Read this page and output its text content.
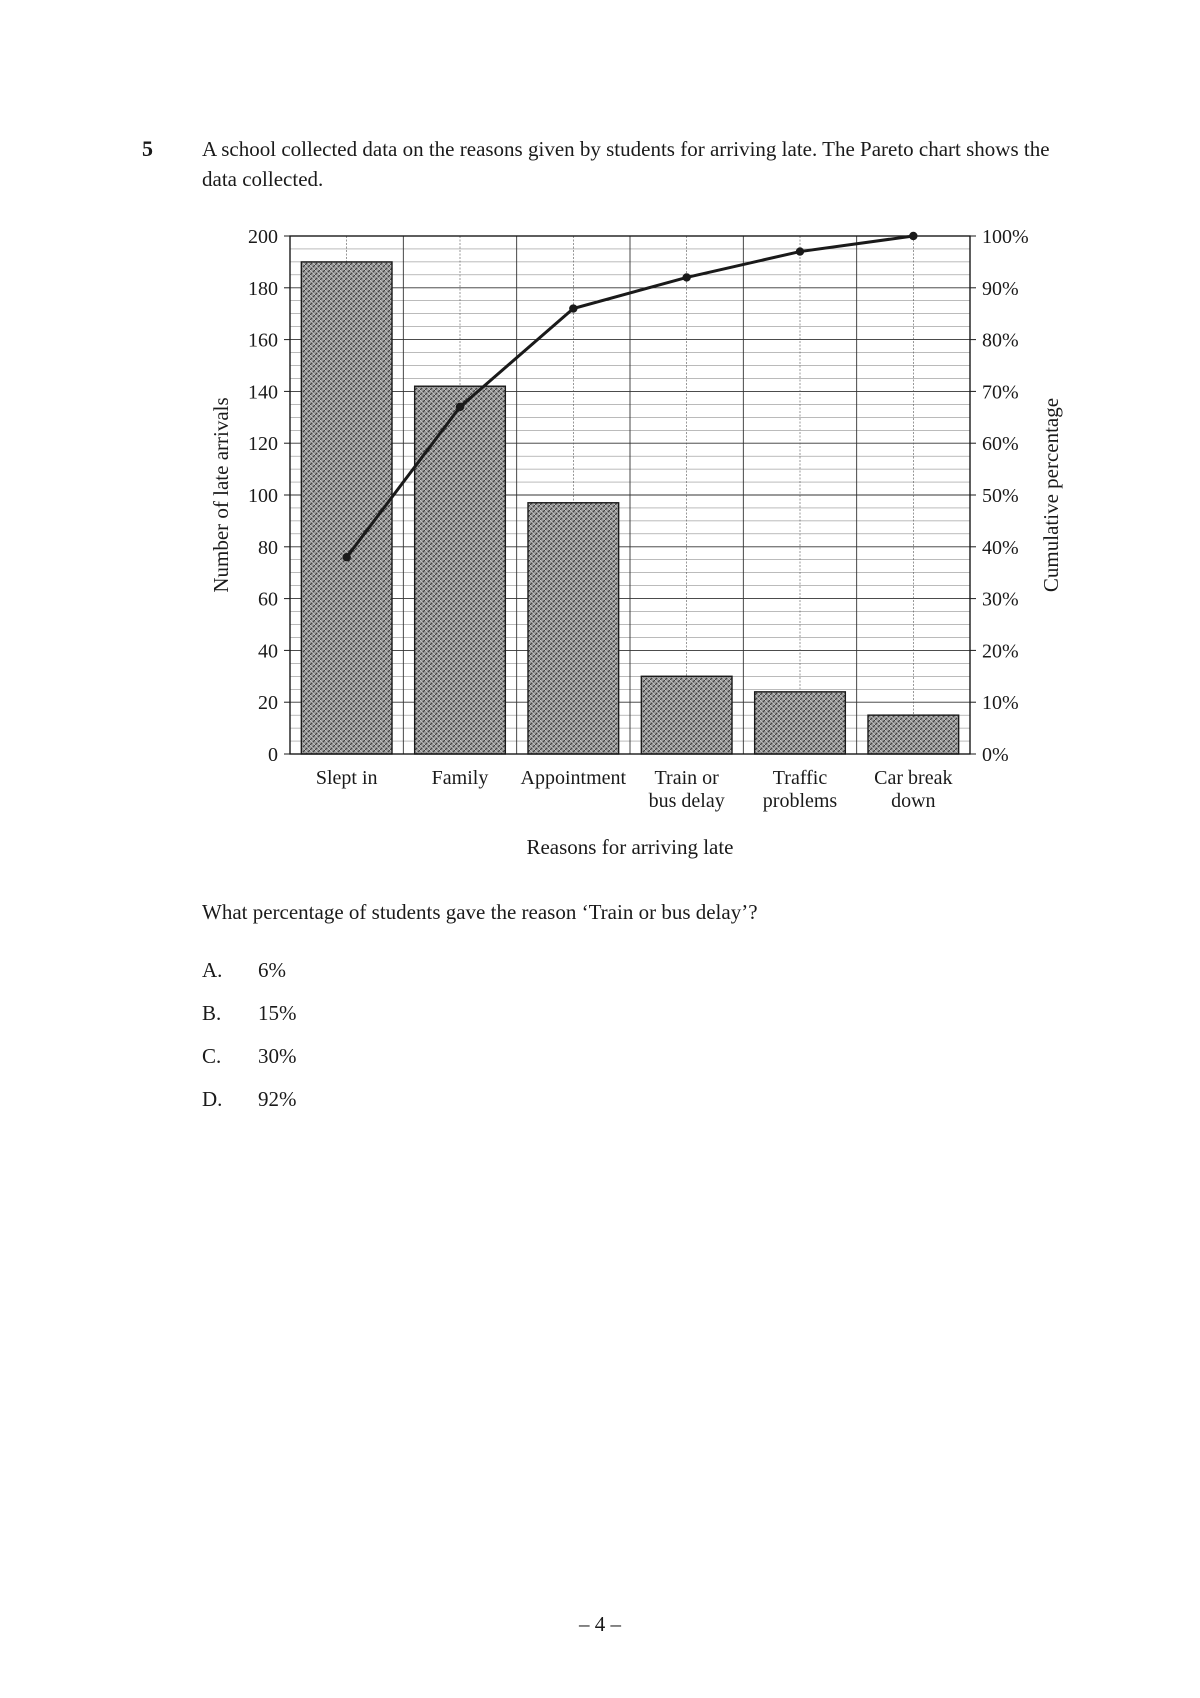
5 A school collected data on the reasons given by students for arriving late. The Pareto chart shows the data collected.
0
20
40
60
80
100
120
140
160
180
200
0%
10%
20%
30%
40%
50%
60%
70%
80%
90%
100%
Slept in	Family Appointment Train or bus delay
Traffic problems
Car break down
Reasons for arriving late
Number of late arrivals	Cumulative percentage
What percentage of students gave the reason ‘Train or bus delay’?
A. 6%
B. 15%
C. 30%
D. 92%
– 4 –
